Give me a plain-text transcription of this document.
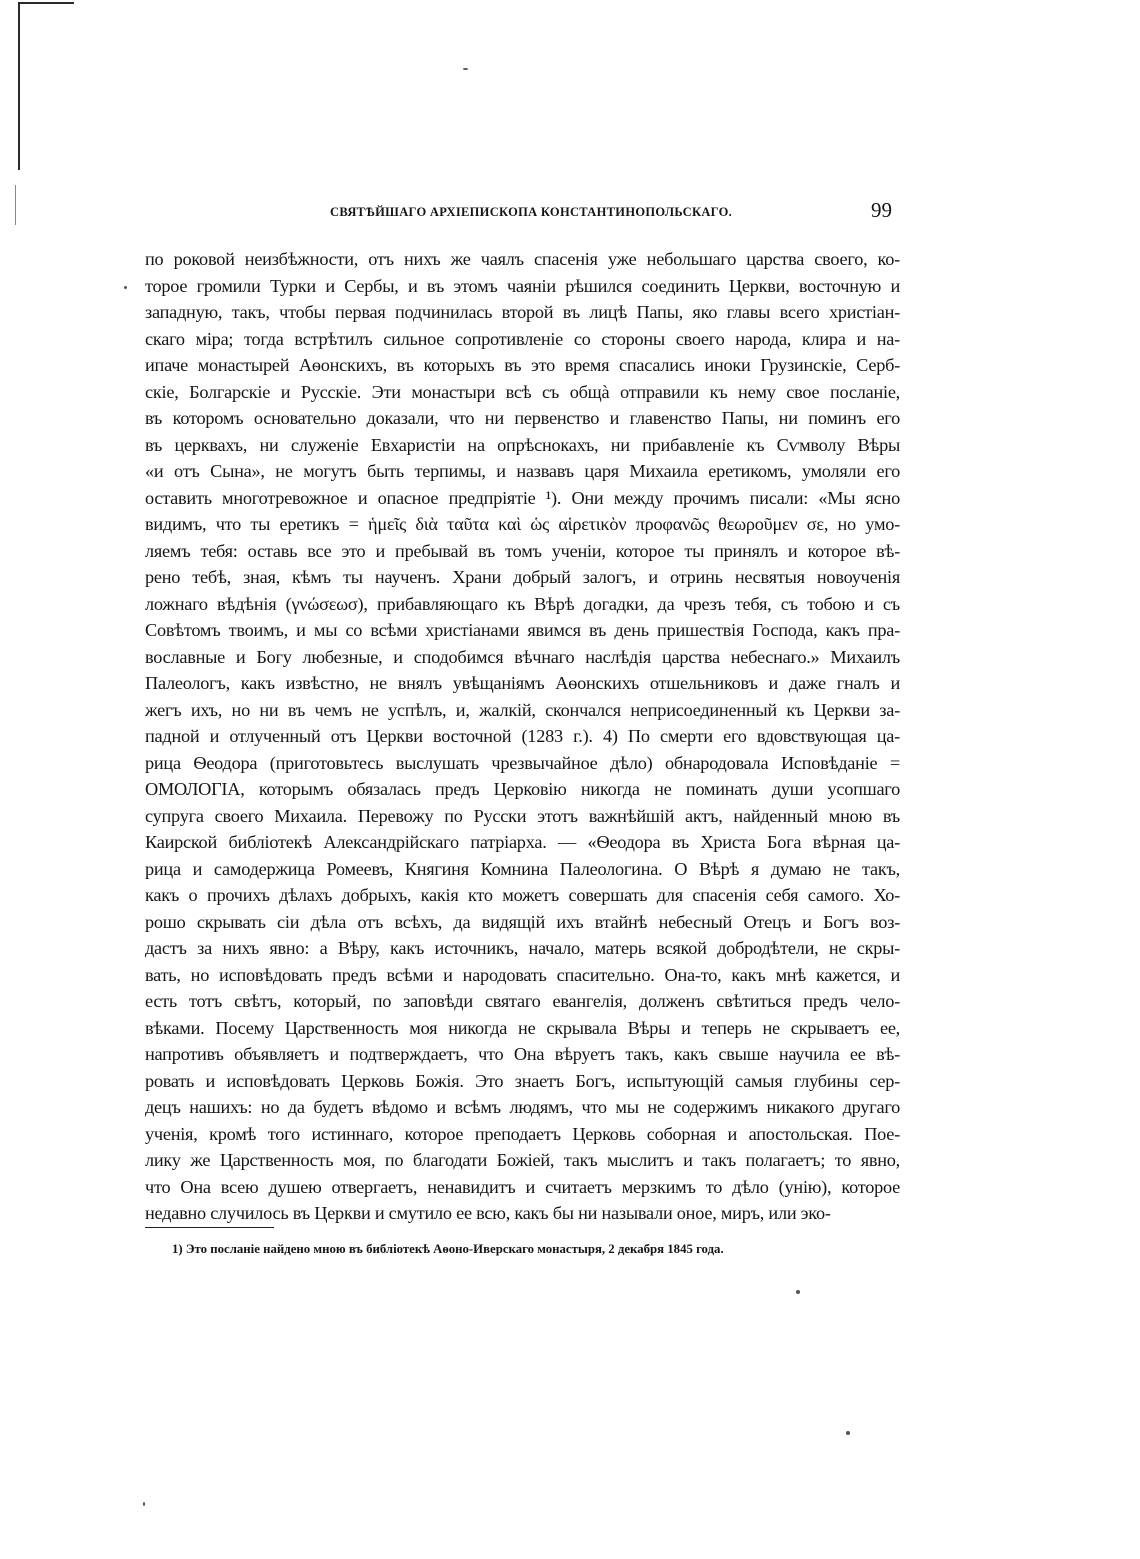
СВЯТѢЙШАГО АРХІЕПИСКОПА КОНСТАНТИНОПОЛЬСКАГО.	99
по роковой неизбѣжности, отъ нихъ же чаялъ спасенія уже небольшаго царства своего, ко-
торое громили Турки и Сербы, и въ этомъ чаяніи рѣшился соединить Церкви, восточную и
западную, такъ, чтобы первая подчинилась второй въ лицѣ Папы, яко главы всего христіан-
скаго міра; тогда встрѣтилъ сильное сопротивленіе со стороны своего народа, клира и на-
ипаче монастырей Аѳонскихъ, въ которыхъ въ это время спасались иноки Грузинскіе, Серб-
скіе, Болгарскіе и Русскіе. Эти монастыри всѣ съ общà отправили къ нему свое посланіе,
въ которомъ основательно доказали, что ни первенство и главенство Папы, ни поминъ его
въ церквахъ, ни служеніе Евхаристіи на опрѣснокахъ, ни прибавленіе къ Сѵмволу Вѣры
«и отъ Сына», не могутъ быть терпимы, и назвавъ царя Михаила еретикомъ, умоляли его
оставить многотревожное и опасное предпріятіе ¹). Они между прочимъ писали: «Мы ясно
видимъ, что ты еретикъ = ἡμεῖς διὰ ταῦτα καὶ ὡς αἱρετικὸν προφανῶς θεωροῦμεν σε, но умо-
ляемъ тебя: оставь все это и пребывай въ томъ ученіи, которое ты принялъ и которое вѣ-
рено тебѣ, зная, кѣмъ ты наученъ. Храни добрый залогъ, и отринь несвятыя новоученія
ложнаго вѣдѣнія (γνώσεωσ), прибавляющаго къ Вѣрѣ догадки, да чрезъ тебя, съ тобою и съ
Совѣтомъ твоимъ, и мы со всѣми христіанами явимся въ день пришествія Господа, какъ пра-
вославные и Богу любезные, и сподобимся вѣчнаго наслѣдія царства небеснаго.» Михаилъ
Палеологъ, какъ извѣстно, не внялъ увѣщаніямъ Аѳонскихъ отшельниковъ и даже гналъ и
жегъ ихъ, но ни въ чемъ не успѣлъ, и, жалкій, скончался неприсоединенный къ Церкви за-
падной и отлученный отъ Церкви восточной (1283 г.). 4) По смерти его вдовствующая ца-
рица Ѳеодора (приготовьтесь выслушать чрезвычайное дѣло) обнародовала Исповѣданіе =
ОМОЛОГІА, которымъ обязалась предъ Церковію никогда не поминать души усопшаго
супруга своего Михаила. Перевожу по Русски этотъ важнѣйшій актъ, найденный мною въ
Каирской библіотекѣ Александрійскаго патріарха. — «Ѳеодора въ Христа Бога вѣрная ца-
рица и самодержица Ромеевъ, Княгиня Комнина Палеологина. О Вѣрѣ я думаю не такъ,
какъ о прочихъ дѣлахъ добрыхъ, какія кто можетъ совершать для спасенія себя самого. Хо-
рошо скрывать сіи дѣла отъ всѣхъ, да видящій ихъ втайнѣ небесный Отецъ и Богъ воз-
дастъ за нихъ явно: а Вѣру, какъ источникъ, начало, матерь всякой добродѣтели, не скры-
вать, но исповѣдовать предъ всѣми и народовать спасительно. Она-то, какъ мнѣ кажется, и
есть тотъ свѣтъ, который, по заповѣди святаго евангелія, долженъ свѣтиться предъ чело-
вѣками. Посему Царственность моя никогда не скрывала Вѣры и теперь не скрываетъ ее,
напротивъ объявляетъ и подтверждаетъ, что Она вѣруетъ такъ, какъ свыше научила ее вѣ-
ровать и исповѣдовать Церковь Божія. Это знаетъ Богъ, испытующій самыя глубины сер-
децъ нашихъ: но да будетъ вѣдомо и всѣмъ людямъ, что мы не содержимъ никакого другаго
ученія, кромѣ того истиннаго, которое преподаетъ Церковь соборная и апостольская. Пое-
лику же Царственность моя, по благодати Божіей, такъ мыслитъ и такъ полагаетъ; то явно,
что Она всею душею отвергаетъ, ненавидитъ и считаетъ мерзкимъ то дѣло (унію), которое
недавно случилось въ Церкви и смутило ее всю, какъ бы ни называли оное, миръ, или эко-
1) Это посланіе найдено мною въ библіотекѣ Аѳоно-Иверскаго монастыря, 2 декабря 1845 года.
